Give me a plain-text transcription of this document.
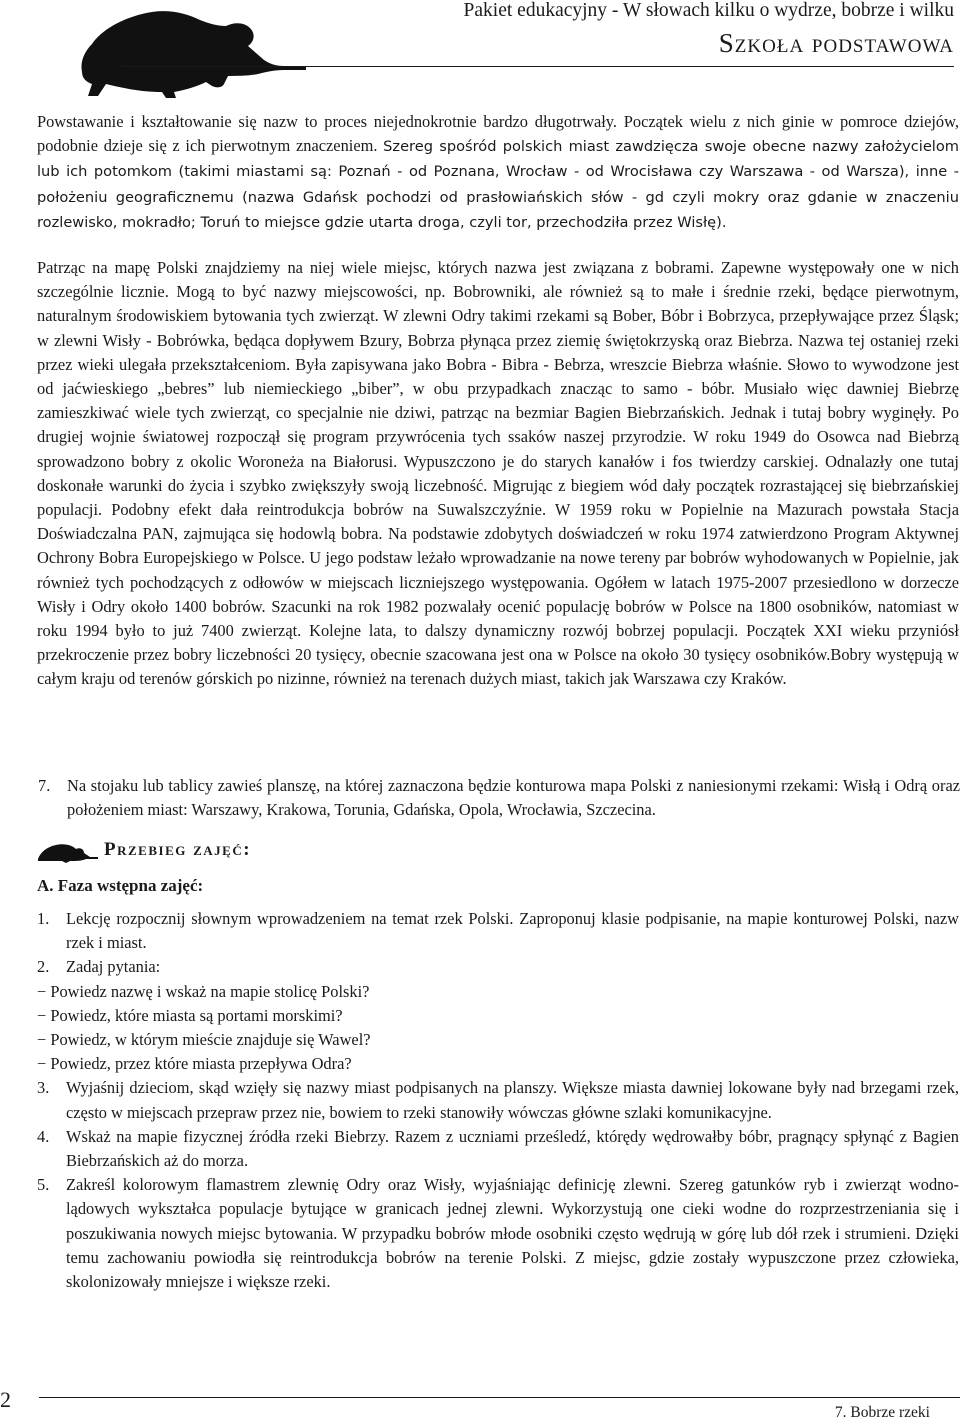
Pakiet edukacyjny - W słowach kilku o wydrze, bobrze i wilku
Szkoła podstawowa
Powstawanie i kształtowanie się nazw to proces niejednokrotnie bardzo długotrwały. Początek wielu z nich ginie w pomroce dziejów, podobnie dzieje się z ich pierwotnym znaczeniem. Szereg spośród polskich miast zawdzięcza swoje obecne nazwy założycielom lub ich potomkom (takimi miastami są: Poznań - od Poznana, Wrocław - od Wrocisława czy Warszawa - od Warsza), inne - położeniu geograficznemu (nazwa Gdańsk pochodzi od prasłowiańskich słów - gd czyli mokry oraz gdanie w znaczeniu rozlewisko, mokradło; Toruń to miejsce gdzie utarta droga, czyli tor, przechodziła przez Wisłę).
Patrząc na mapę Polski znajdziemy na niej wiele miejsc, których nazwa jest związana z bobrami. Zapewne występowały one w nich szczególnie licznie. Mogą to być nazwy miejscowości, np. Bobrowniki, ale również są to małe i średnie rzeki, będące pierwotnym, naturalnym środowiskiem bytowania tych zwierząt. W zlewni Odry takimi rzekami są Bober, Bóbr i Bobrzyca, przepływające przez Śląsk; w zlewni Wisły - Bobrówka, będąca dopływem Bzury, Bobrza płynąca przez ziemię świętokrzyską oraz Biebrza. Nazwa tej ostaniej rzeki przez wieki ulegała przekształceniom. Była zapisywana jako Bobra - Bibra - Bebrza, wreszcie Biebrza właśnie. Słowo to wywodzone jest od jaćwieskiego „bebres” lub niemieckiego „biber”, w obu przypadkach znacząc to samo - bóbr. Musiało więc dawniej Biebrzę zamieszkiwać wiele tych zwierząt, co specjalnie nie dziwi, patrząc na bezmiar Bagien Biebrzańskich. Jednak i tutaj bobry wyginęły. Po drugiej wojnie światowej rozpoczął się program przywrócenia tych ssaków naszej przyrodzie. W roku 1949 do Osowca nad Biebrzą sprowadzono bobry z okolic Woroneża na Białorusi. Wypuszczono je do starych kanałów i fos twierdzy carskiej. Odnalazły one tutaj doskonałe warunki do życia i szybko zwiększyły swoją liczebność. Migrując z biegiem wód dały początek rozrastającej się biebrzańskiej populacji. Podobny efekt dała reintrodukcja bobrów na Suwalszczyźnie. W 1959 roku w Popielnie na Mazurach powstała Stacja Doświadczalna PAN, zajmująca się hodowlą bobra. Na podstawie zdobytych doświadczeń w roku 1974 zatwierdzono Program Aktywnej Ochrony Bobra Europejskiego w Polsce. U jego podstaw leżało wprowadzanie na nowe tereny par bobrów wyhodowanych w Popielnie, jak również tych pochodzących z odłowów w miejscach liczniejszego występowania. Ogółem w latach 1975-2007 przesiedlono w dorzecze Wisły i Odry około 1400 bobrów. Szacunki na rok 1982 pozwalały ocenić populację bobrów w Polsce na 1800 osobników, natomiast w roku 1994 było to już 7400 zwierząt. Kolejne lata, to dalszy dynamiczny rozwój bobrzej populacji. Początek XXI wieku przyniósł przekroczenie przez bobry liczebności 20 tysięcy, obecnie szacowana jest ona w Polsce na około 30 tysięcy osobników.Bobry występują w całym kraju od terenów górskich po nizinne, również na terenach dużych miast, takich jak Warszawa czy Kraków.
7.	Na stojaku lub tablicy zawieś planszę, na której zaznaczona będzie konturowa mapa Polski z naniesionymi rzekami: Wisłą i Odrą oraz położeniem miast: Warszawy, Krakowa, Torunia, Gdańska, Opola, Wrocławia, Szczecina.
Przebieg zajęć:
A. Faza wstępna zajęć:
1. Lekcję rozpocznij słownym wprowadzeniem na temat rzek Polski. Zaproponuj klasie podpisanie, na mapie konturowej Polski, nazw rzek i miast.
2. Zadaj pytania:
− Powiedz nazwę i wskaż na mapie stolicę Polski?
− Powiedz, które miasta są portami morskimi?
− Powiedz, w którym mieście znajduje się Wawel?
− Powiedz, przez które miasta przepływa Odra?
3. Wyjaśnij dzieciom, skąd wzięły się nazwy miast podpisanych na planszy. Większe miasta dawniej lokowane były nad brzegami rzek, często w miejscach przepraw przez nie, bowiem to rzeki stanowiły wówczas główne szlaki komunikacyjne.
4. Wskaż na mapie fizycznej źródła rzeki Biebrzy. Razem z uczniami prześledź, którędy wędrowałby bóbr, pragnący spłynąć z Bagien Biebrzańskich aż do morza.
5. Zakreśl kolorowym flamastrem zlewnię Odry oraz Wisły, wyjaśniając definicję zlewni. Szereg gatunków ryb i zwierząt wodno-lądowych wykształca populacje bytujące w granicach jednej zlewni. Wykorzystują one cieki wodne do rozprzestrzeniania się i poszukiwania nowych miejsc bytowania. W przypadku bobrów młode osobniki często wędrują w górę lub dół rzek i strumieni. Dzięki temu zachowaniu powiodła się reintrodukcja bobrów na terenie Polski. Z miejsc, gdzie zostały wypuszczone przez człowieka, skolonizowały mniejsze i większe rzeki.
2
7. Bobrze rzeki
